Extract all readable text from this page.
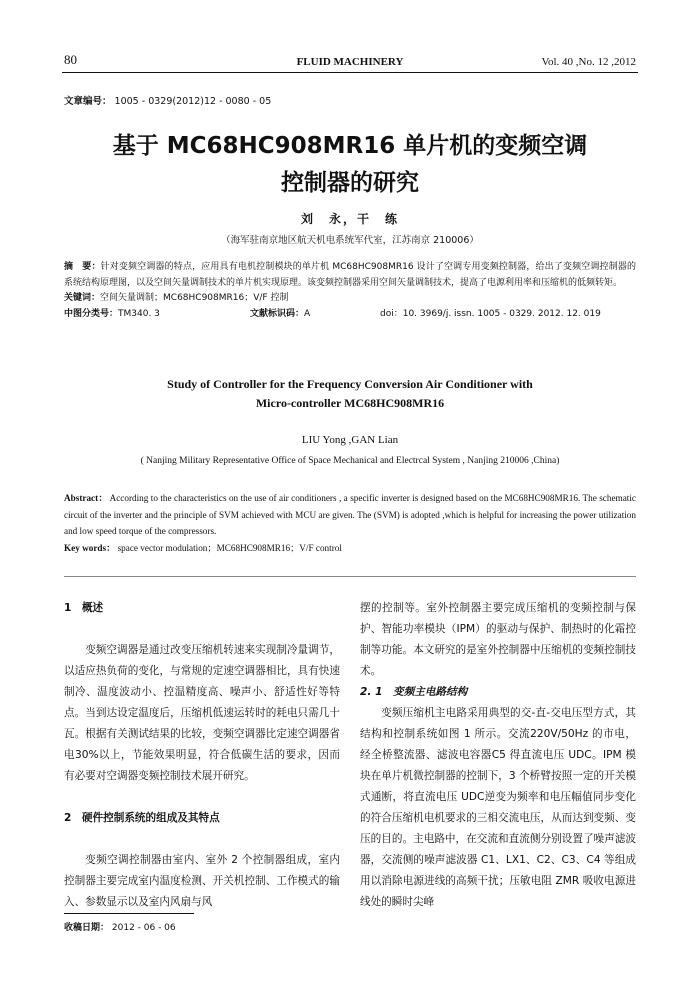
80	FLUID MACHINERY	Vol. 40 ,No. 12 ,2012
文章编号： 1005 - 0329(2012)12 - 0080 - 05
基于 MC68HC908MR16 单片机的变频空调
控制器的研究
刘　永，干　练
（海军驻南京地区航天机电系统军代室，江苏南京 210006）
摘　要：针对变频空调器的特点，应用具有电机控制模块的单片机 MC68HC908MR16 设计了空调专用变频控制器，给出了变频空调控制器的系统结构原理图，以及空间矢量调制技术的单片机实现原理。该变频控制器采用空间矢量调制技术，提高了电源利用率和压缩机的低频转矩。
关键词：空间矢量调制；MC68HC908MR16；V/F 控制
中图分类号：TM340. 3	文献标识码：A	doi：10. 3969/j. issn. 1005 - 0329. 2012. 12. 019
Study of Controller for the Frequency Conversion Air Conditioner with
Micro-controller MC68HC908MR16
LIU Yong ,GAN Lian
( Nanjing Military Representative Office of Space Mechanical and Electrcal System , Nanjing 210006 ,China)
Abstract： According to the characteristics on the use of air conditioners , a specific inverter is designed based on the MC68HC908MR16. The schematic circuit of the inverter and the principle of SVM achieved with MCU are given. The (SVM) is adopted ,which is helpful for increasing the power utilization and low speed torque of the compressors.
Key words： space vector modulation；MC68HC908MR16；V/F control

1　概述

变频空调器是通过改变压缩机转速来实现制冷量调节，以适应热负荷的变化，与常规的定速空调器相比，具有快速制冷、温度波动小、控温精度高、噪声小、舒适性好等特点。当到达设定温度后，压缩机低速运转时的耗电只需几十瓦。根据有关测试结果的比较，变频空调器比定速空调器省电30%以上，节能效果明显，符合低碳生活的要求，因而有必要对空调器变频控制技术展开研究。

2　硬件控制系统的组成及其特点

变频空调控制器由室内、室外 2 个控制器组成，室内控制器主要完成室内温度检测、开关机控制、工作模式的输入、参数显示以及室内风扇与风

摆的控制等。室外控制器主要完成压缩机的变频控制与保护、智能功率模块（IPM）的驱动与保护、制热时的化霜控制等功能。本文研究的是室外控制器中压缩机的变频控制技术。

2. 1　变频主电路结构

变频压缩机主电路采用典型的交-直-交电压型方式，其结构和控制系统如图 1 所示。交流220V/50Hz 的市电，经全桥整流器、滤波电容器C5 得直流电压 UDC。IPM 模块在单片机微控制器的控制下，3 个桥臂按照一定的开关模式通断，将直流电压 UDC逆变为频率和电压幅值同步变化的符合压缩机电机要求的三相交流电压，从而达到变频、变压的目的。主电路中，在交流和直流侧分别设置了噪声滤波器，交流侧的噪声滤波器 C1、LX1、C2、C3、C4 等组成用以消除电源进线的高频干扰；压敏电阻 ZMR 吸收电源进线处的瞬时尖峰

收稿日期： 2012 - 06 - 06
